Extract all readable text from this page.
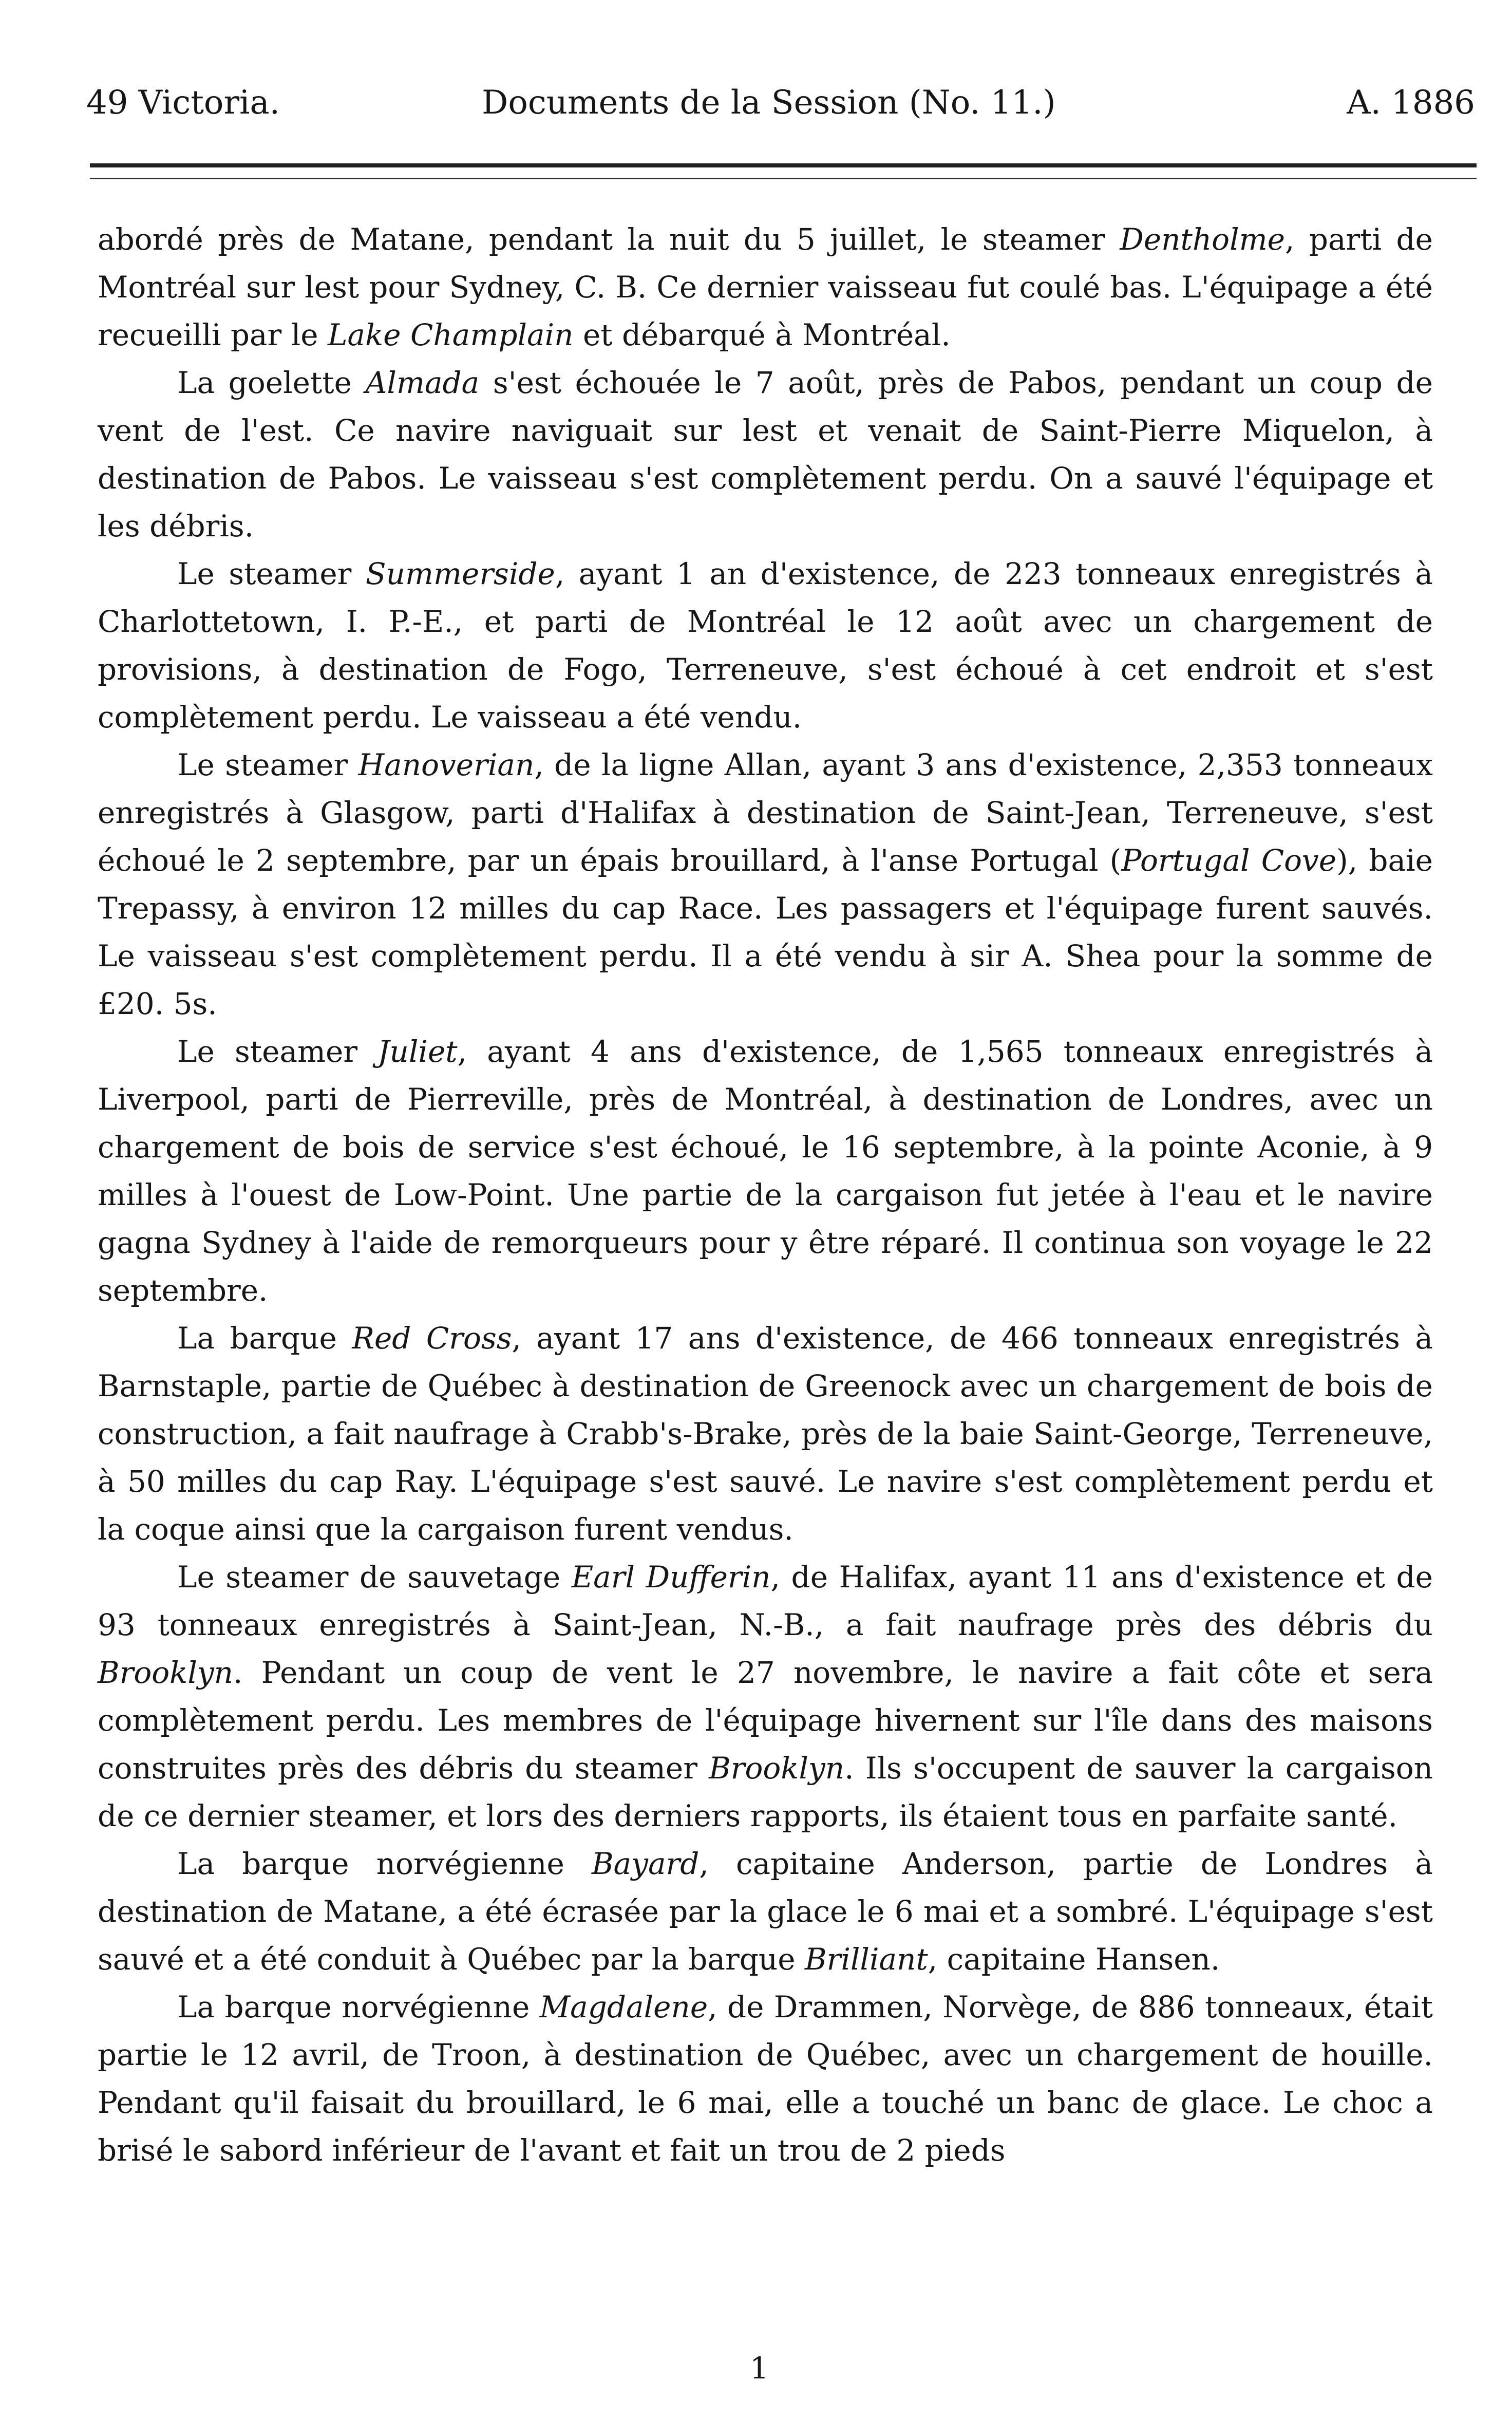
49 Victoria.	Documents de la Session (No. 11.)	A. 1886

abordé près de Matane, pendant la nuit du 5 juillet, le steamer Dentholme, parti de Montréal sur lest pour Sydney, C. B. Ce dernier vaisseau fut coulé bas. L'équipage a été recueilli par le Lake Champlain et débarqué à Montréal.

La goelette Almada s'est échouée le 7 août, près de Pabos, pendant un coup de vent de l'est. Ce navire naviguait sur lest et venait de Saint-Pierre Miquelon, à destination de Pabos. Le vaisseau s'est complètement perdu. On a sauvé l'équipage et les débris.

Le steamer Summerside, ayant 1 an d'existence, de 223 tonneaux enregistrés à Charlottetown, I. P.-E., et parti de Montréal le 12 août avec un chargement de provisions, à destination de Fogo, Terreneuve, s'est échoué à cet endroit et s'est complètement perdu. Le vaisseau a été vendu.

Le steamer Hanoverian, de la ligne Allan, ayant 3 ans d'existence, 2,353 tonneaux enregistrés à Glasgow, parti d'Halifax à destination de Saint-Jean, Terreneuve, s'est échoué le 2 septembre, par un épais brouillard, à l'anse Portugal (Portugal Cove), baie Trepassy, à environ 12 milles du cap Race. Les passagers et l'équipage furent sauvés. Le vaisseau s'est complètement perdu. Il a été vendu à sir A. Shea pour la somme de £20. 5s.

Le steamer Juliet, ayant 4 ans d'existence, de 1,565 tonneaux enregistrés à Liverpool, parti de Pierreville, près de Montréal, à destination de Londres, avec un chargement de bois de service s'est échoué, le 16 septembre, à la pointe Aconie, à 9 milles à l'ouest de Low-Point. Une partie de la cargaison fut jetée à l'eau et le navire gagna Sydney à l'aide de remorqueurs pour y être réparé. Il continua son voyage le 22 septembre.

La barque Red Cross, ayant 17 ans d'existence, de 466 tonneaux enregistrés à Barnstaple, partie de Québec à destination de Greenock avec un chargement de bois de construction, a fait naufrage à Crabb's-Brake, près de la baie Saint-George, Terreneuve, à 50 milles du cap Ray. L'équipage s'est sauvé. Le navire s'est complètement perdu et la coque ainsi que la cargaison furent vendus.

Le steamer de sauvetage Earl Dufferin, de Halifax, ayant 11 ans d'existence et de 93 tonneaux enregistrés à Saint-Jean, N.-B., a fait naufrage près des débris du Brooklyn. Pendant un coup de vent le 27 novembre, le navire a fait côte et sera complètement perdu. Les membres de l'équipage hivernent sur l'île dans des maisons construites près des débris du steamer Brooklyn. Ils s'occupent de sauver la cargaison de ce dernier steamer, et lors des derniers rapports, ils étaient tous en parfaite santé.

La barque norvégienne Bayard, capitaine Anderson, partie de Londres à destination de Matane, a été écrasée par la glace le 6 mai et a sombré. L'équipage s'est sauvé et a été conduit à Québec par la barque Brilliant, capitaine Hansen.

La barque norvégienne Magdalene, de Drammen, Norvège, de 886 tonneaux, était partie le 12 avril, de Troon, à destination de Québec, avec un chargement de houille. Pendant qu'il faisait du brouillard, le 6 mai, elle a touché un banc de glace. Le choc a brisé le sabord inférieur de l'avant et fait un trou de 2 pieds

1
